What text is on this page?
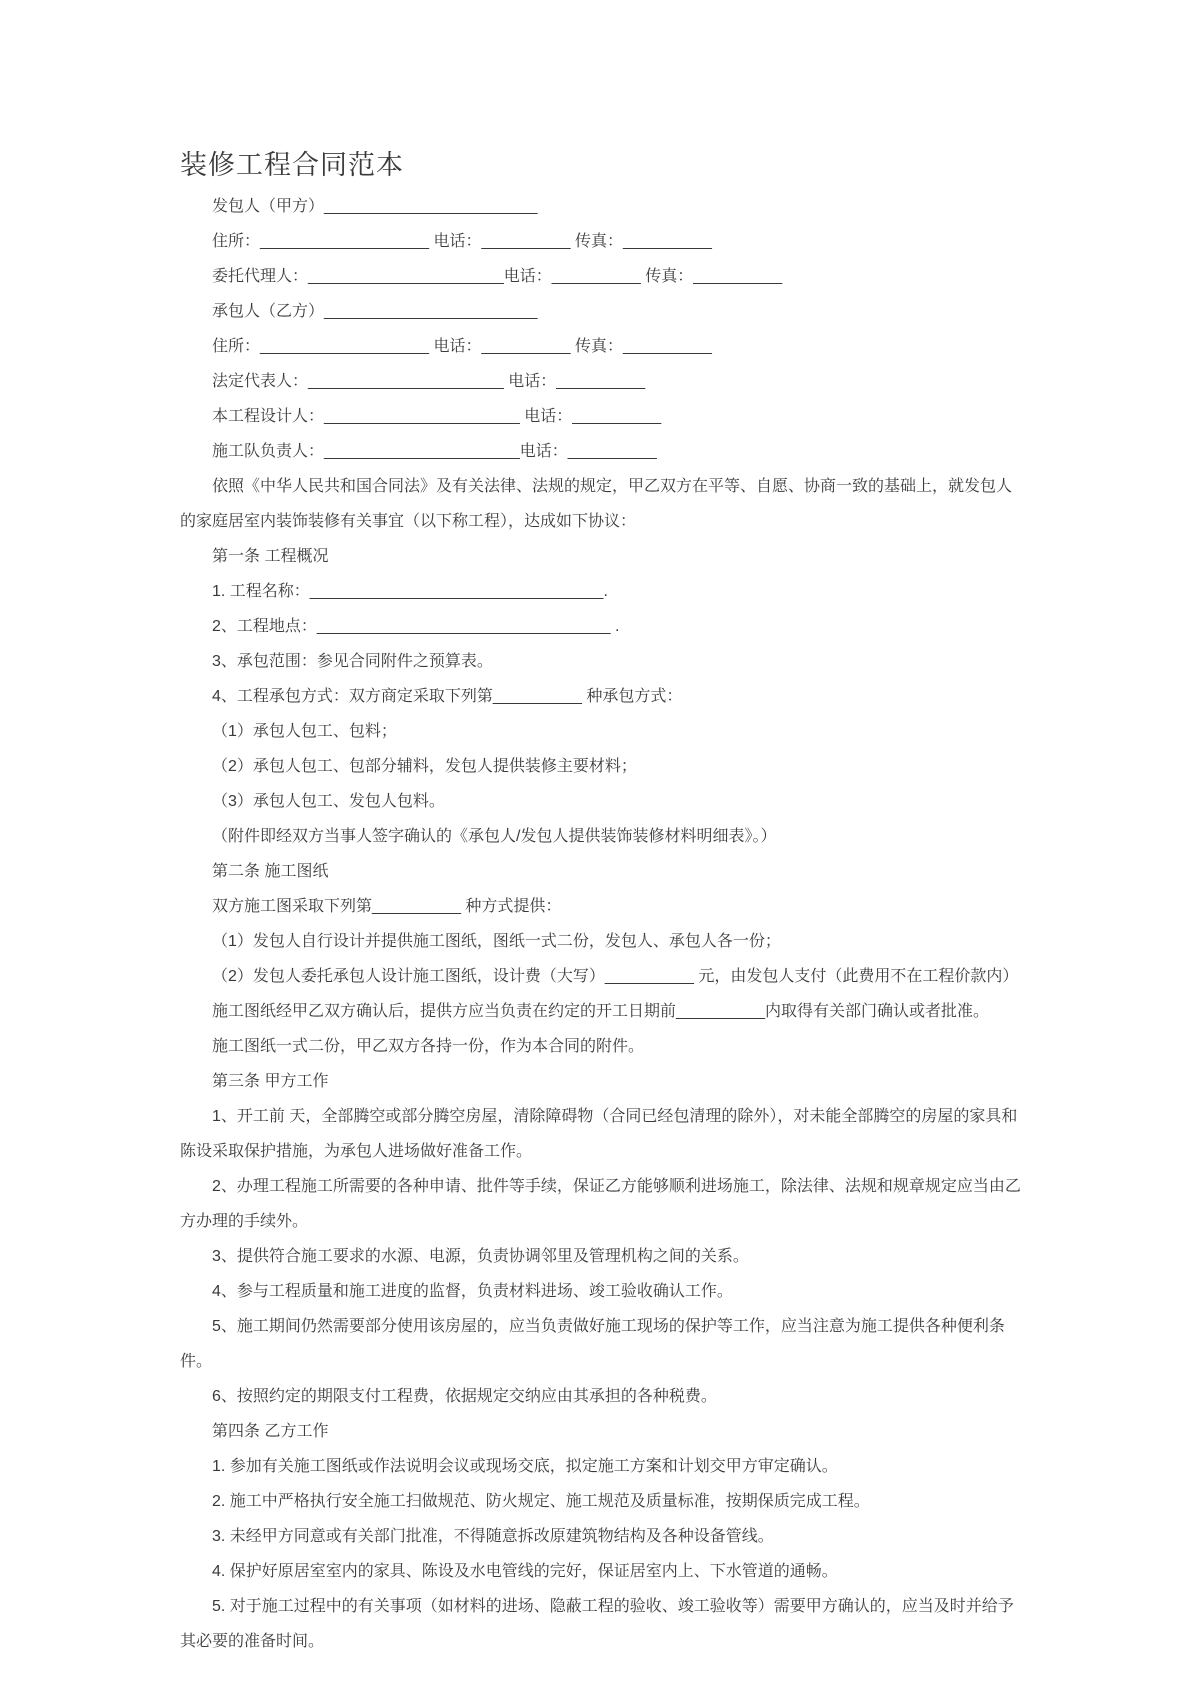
装修工程合同范本

发包人（甲方）________________________

住所：___________________ 电话：__________ 传真：__________

委托代理人：______________________电话：__________ 传真：__________

承包人（乙方）________________________

住所：___________________ 电话：__________ 传真：__________

法定代表人：______________________ 电话：__________

本工程设计人：______________________ 电话：__________

施工队负责人：______________________电话：__________

依照《中华人民共和国合同法》及有关法律、法规的规定，甲乙双方在平等、自愿、协商一致的基础上，就发包人的家庭居室内装饰装修有关事宜（以下称工程），达成如下协议：

第一条 工程概况

1. 工程名称：_________________________________.

2、工程地点：_________________________________ .

3、承包范围：参见合同附件之预算表。

4、工程承包方式：双方商定采取下列第__________ 种承包方式：

（1）承包人包工、包料；

（2）承包人包工、包部分辅料，发包人提供装修主要材料；

（3）承包人包工、发包人包料。

（附件即经双方当事人签字确认的《承包人/发包人提供装饰装修材料明细表》。）

第二条 施工图纸

双方施工图采取下列第__________ 种方式提供：

（1）发包人自行设计并提供施工图纸，图纸一式二份，发包人、承包人各一份；

（2）发包人委托承包人设计施工图纸，设计费（大写）__________ 元，由发包人支付（此费用不在工程价款内）

施工图纸经甲乙双方确认后，提供方应当负责在约定的开工日期前__________内取得有关部门确认或者批准。

施工图纸一式二份，甲乙双方各持一份，作为本合同的附件。

第三条 甲方工作

1、开工前 天，全部腾空或部分腾空房屋，清除障碍物（合同已经包清理的除外），对未能全部腾空的房屋的家具和陈设采取保护措施，为承包人进场做好准备工作。

2、办理工程施工所需要的各种申请、批件等手续，保证乙方能够顺利进场施工，除法律、法规和规章规定应当由乙方办理的手续外。

3、提供符合施工要求的水源、电源，负责协调邻里及管理机构之间的关系。

4、参与工程质量和施工进度的监督，负责材料进场、竣工验收确认工作。

5、施工期间仍然需要部分使用该房屋的，应当负责做好施工现场的保护等工作，应当注意为施工提供各种便利条件。

6、按照约定的期限支付工程费，依据规定交纳应由其承担的各种税费。

第四条 乙方工作

1. 参加有关施工图纸或作法说明会议或现场交底，拟定施工方案和计划交甲方审定确认。

2. 施工中严格执行安全施工扫做规范、防火规定、施工规范及质量标准，按期保质完成工程。

3. 未经甲方同意或有关部门批准，不得随意拆改原建筑物结构及各种设备管线。

4. 保护好原居室室内的家具、陈设及水电管线的完好，保证居室内上、下水管道的通畅。

5. 对于施工过程中的有关事项（如材料的进场、隐蔽工程的验收、竣工验收等）需要甲方确认的，应当及时并给予其必要的准备时间。
